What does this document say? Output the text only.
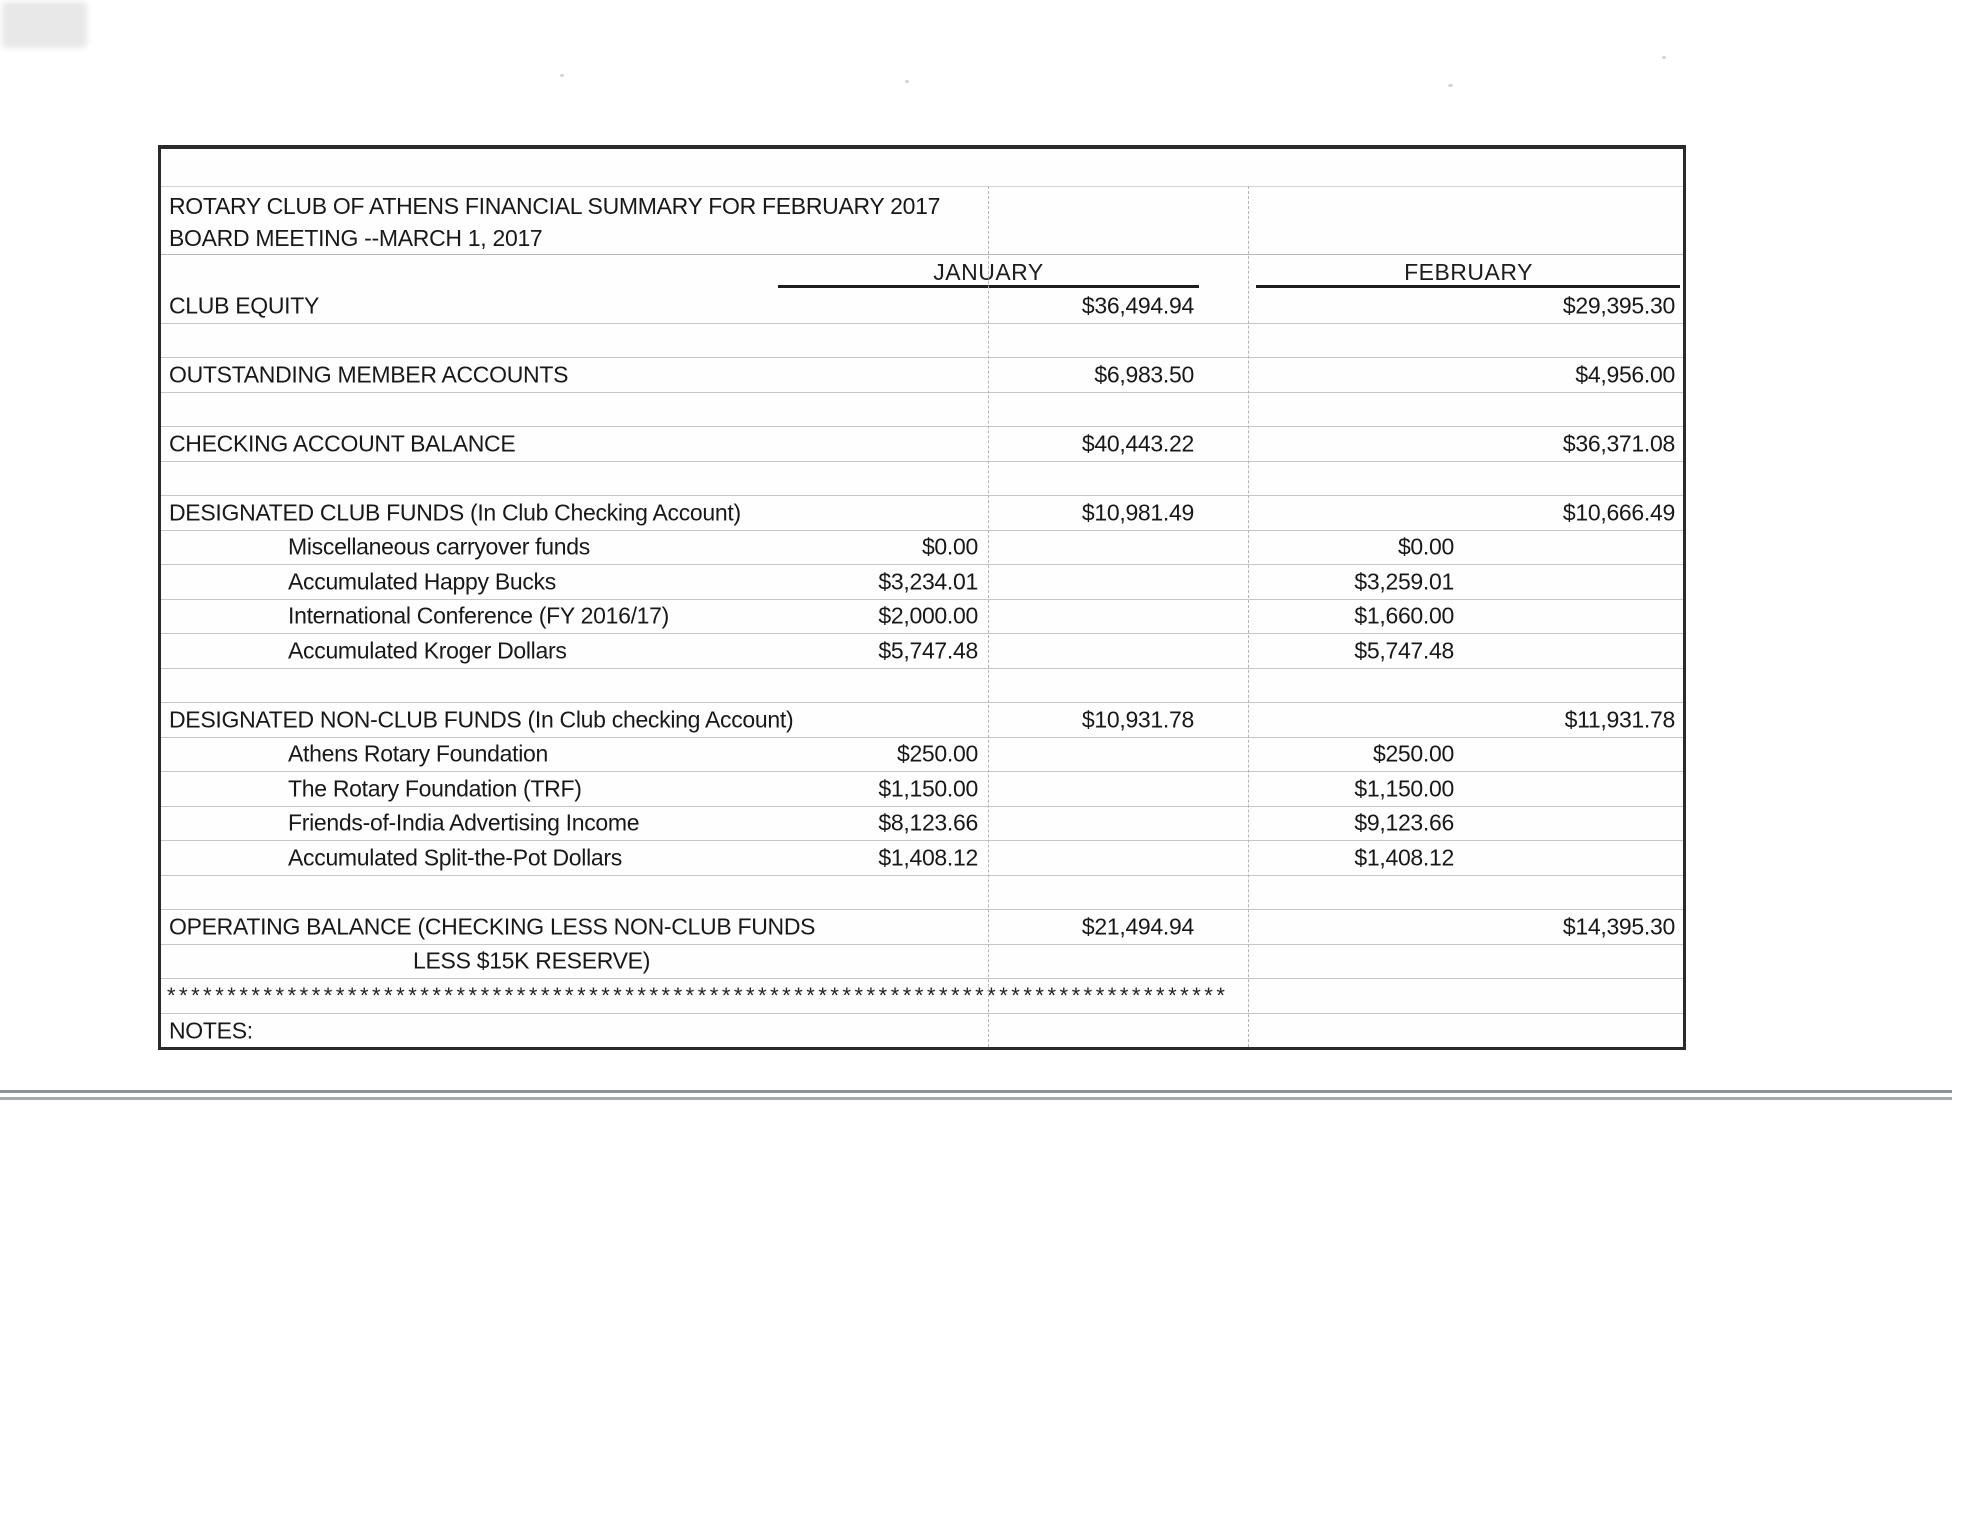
ROTARY CLUB OF ATHENS FINANCIAL SUMMARY FOR FEBRUARY 2017
BOARD MEETING --MARCH 1, 2017
JANUARY	FEBRUARY
CLUB EQUITY	$36,494.94	$29,395.30
OUTSTANDING MEMBER ACCOUNTS	$6,983.50	$4,956.00
CHECKING ACCOUNT BALANCE	$40,443.22	$36,371.08
DESIGNATED CLUB FUNDS (In Club Checking Account)	$10,981.49	$10,666.49
Miscellaneous carryover funds	$0.00	$0.00
Accumulated Happy Bucks	$3,234.01	$3,259.01
International Conference (FY 2016/17)	$2,000.00	$1,660.00
Accumulated Kroger Dollars	$5,747.48	$5,747.48
DESIGNATED NON-CLUB FUNDS (In Club checking Account)	$10,931.78	$11,931.78
Athens Rotary Foundation	$250.00	$250.00
The Rotary Foundation (TRF)	$1,150.00	$1,150.00
Friends-of-India Advertising Income	$8,123.66	$9,123.66
Accumulated Split-the-Pot Dollars	$1,408.12	$1,408.12
OPERATING BALANCE (CHECKING LESS NON-CLUB FUNDS	$21,494.94	$14,395.30
LESS $15K RESERVE)
****************************************************************************************
NOTES:
